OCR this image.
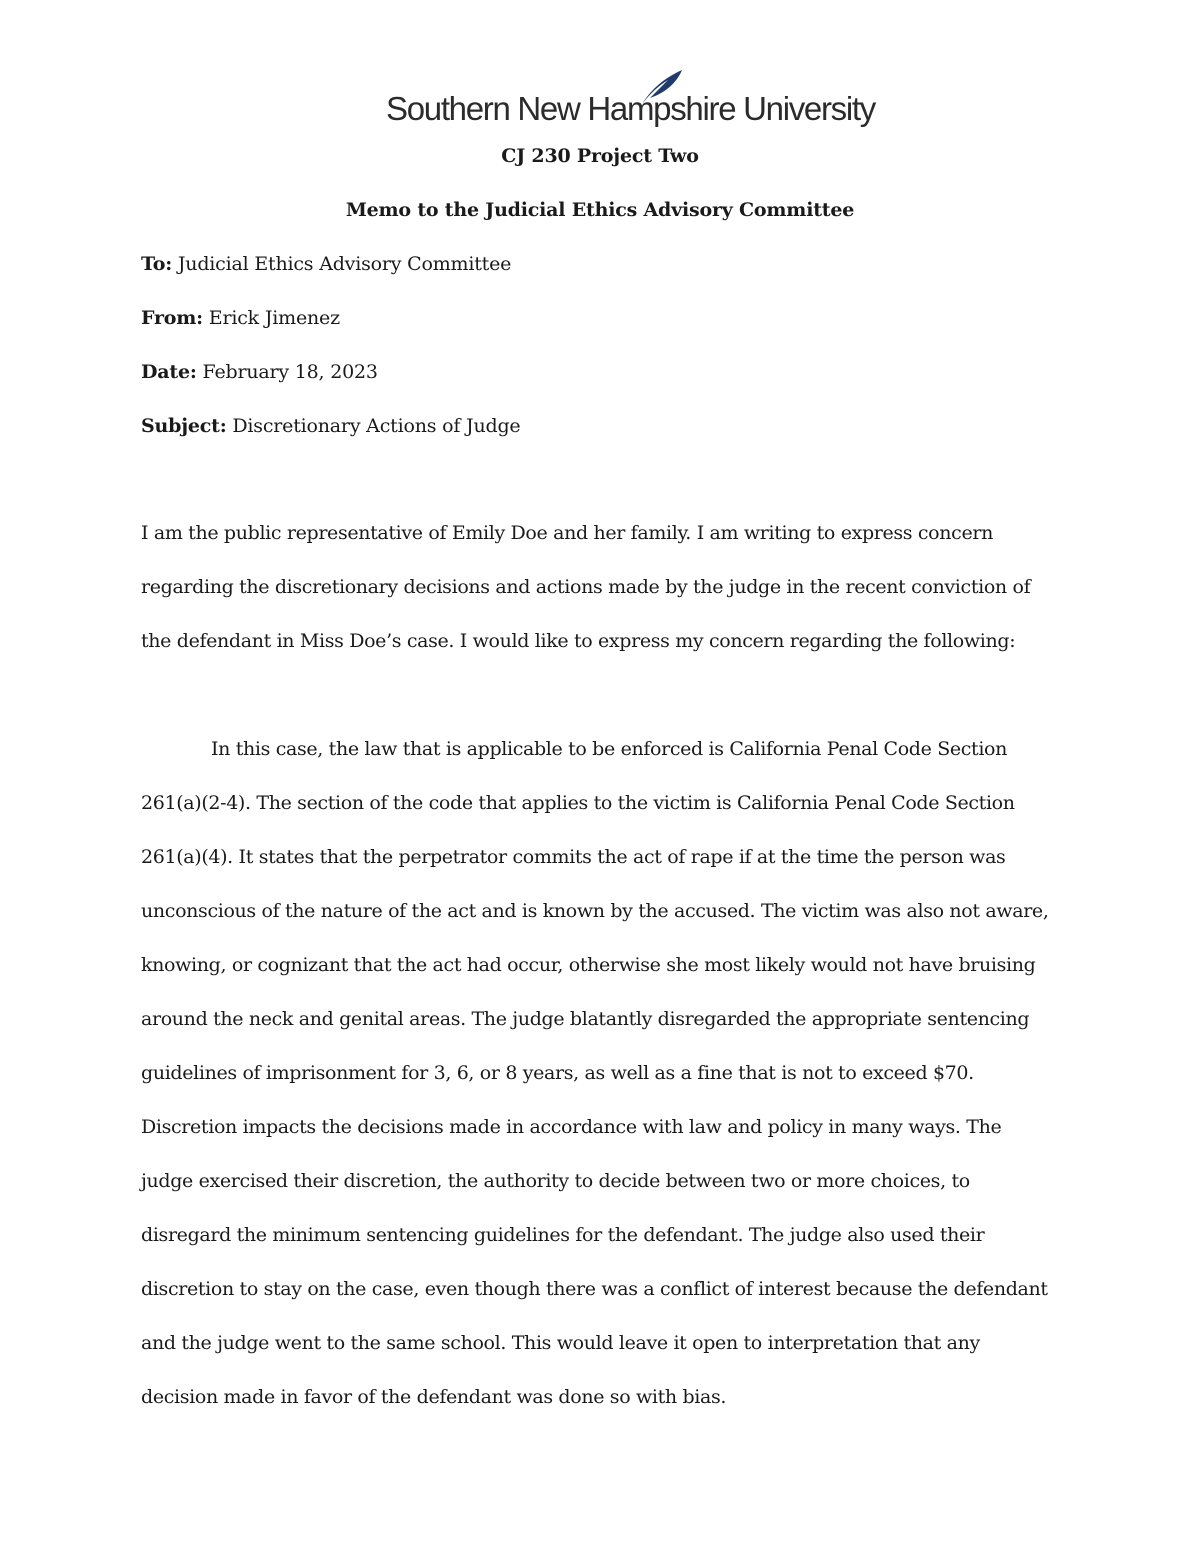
Southern New Hampshire University
CJ 230 Project Two
Memo to the Judicial Ethics Advisory Committee
To: Judicial Ethics Advisory Committee
From: Erick Jimenez
Date: February 18, 2023
Subject: Discretionary Actions of Judge
I am the public representative of Emily Doe and her family. I am writing to express concern
regarding the discretionary decisions and actions made by the judge in the recent conviction of
the defendant in Miss Doe’s case. I would like to express my concern regarding the following:
In this case, the law that is applicable to be enforced is California Penal Code Section
261(a)(2-4). The section of the code that applies to the victim is California Penal Code Section
261(a)(4). It states that the perpetrator commits the act of rape if at the time the person was
unconscious of the nature of the act and is known by the accused. The victim was also not aware,
knowing, or cognizant that the act had occur, otherwise she most likely would not have bruising
around the neck and genital areas. The judge blatantly disregarded the appropriate sentencing
guidelines of imprisonment for 3, 6, or 8 years, as well as a fine that is not to exceed $70.
Discretion impacts the decisions made in accordance with law and policy in many ways. The
judge exercised their discretion, the authority to decide between two or more choices, to
disregard the minimum sentencing guidelines for the defendant. The judge also used their
discretion to stay on the case, even though there was a conflict of interest because the defendant
and the judge went to the same school. This would leave it open to interpretation that any
decision made in favor of the defendant was done so with bias.
